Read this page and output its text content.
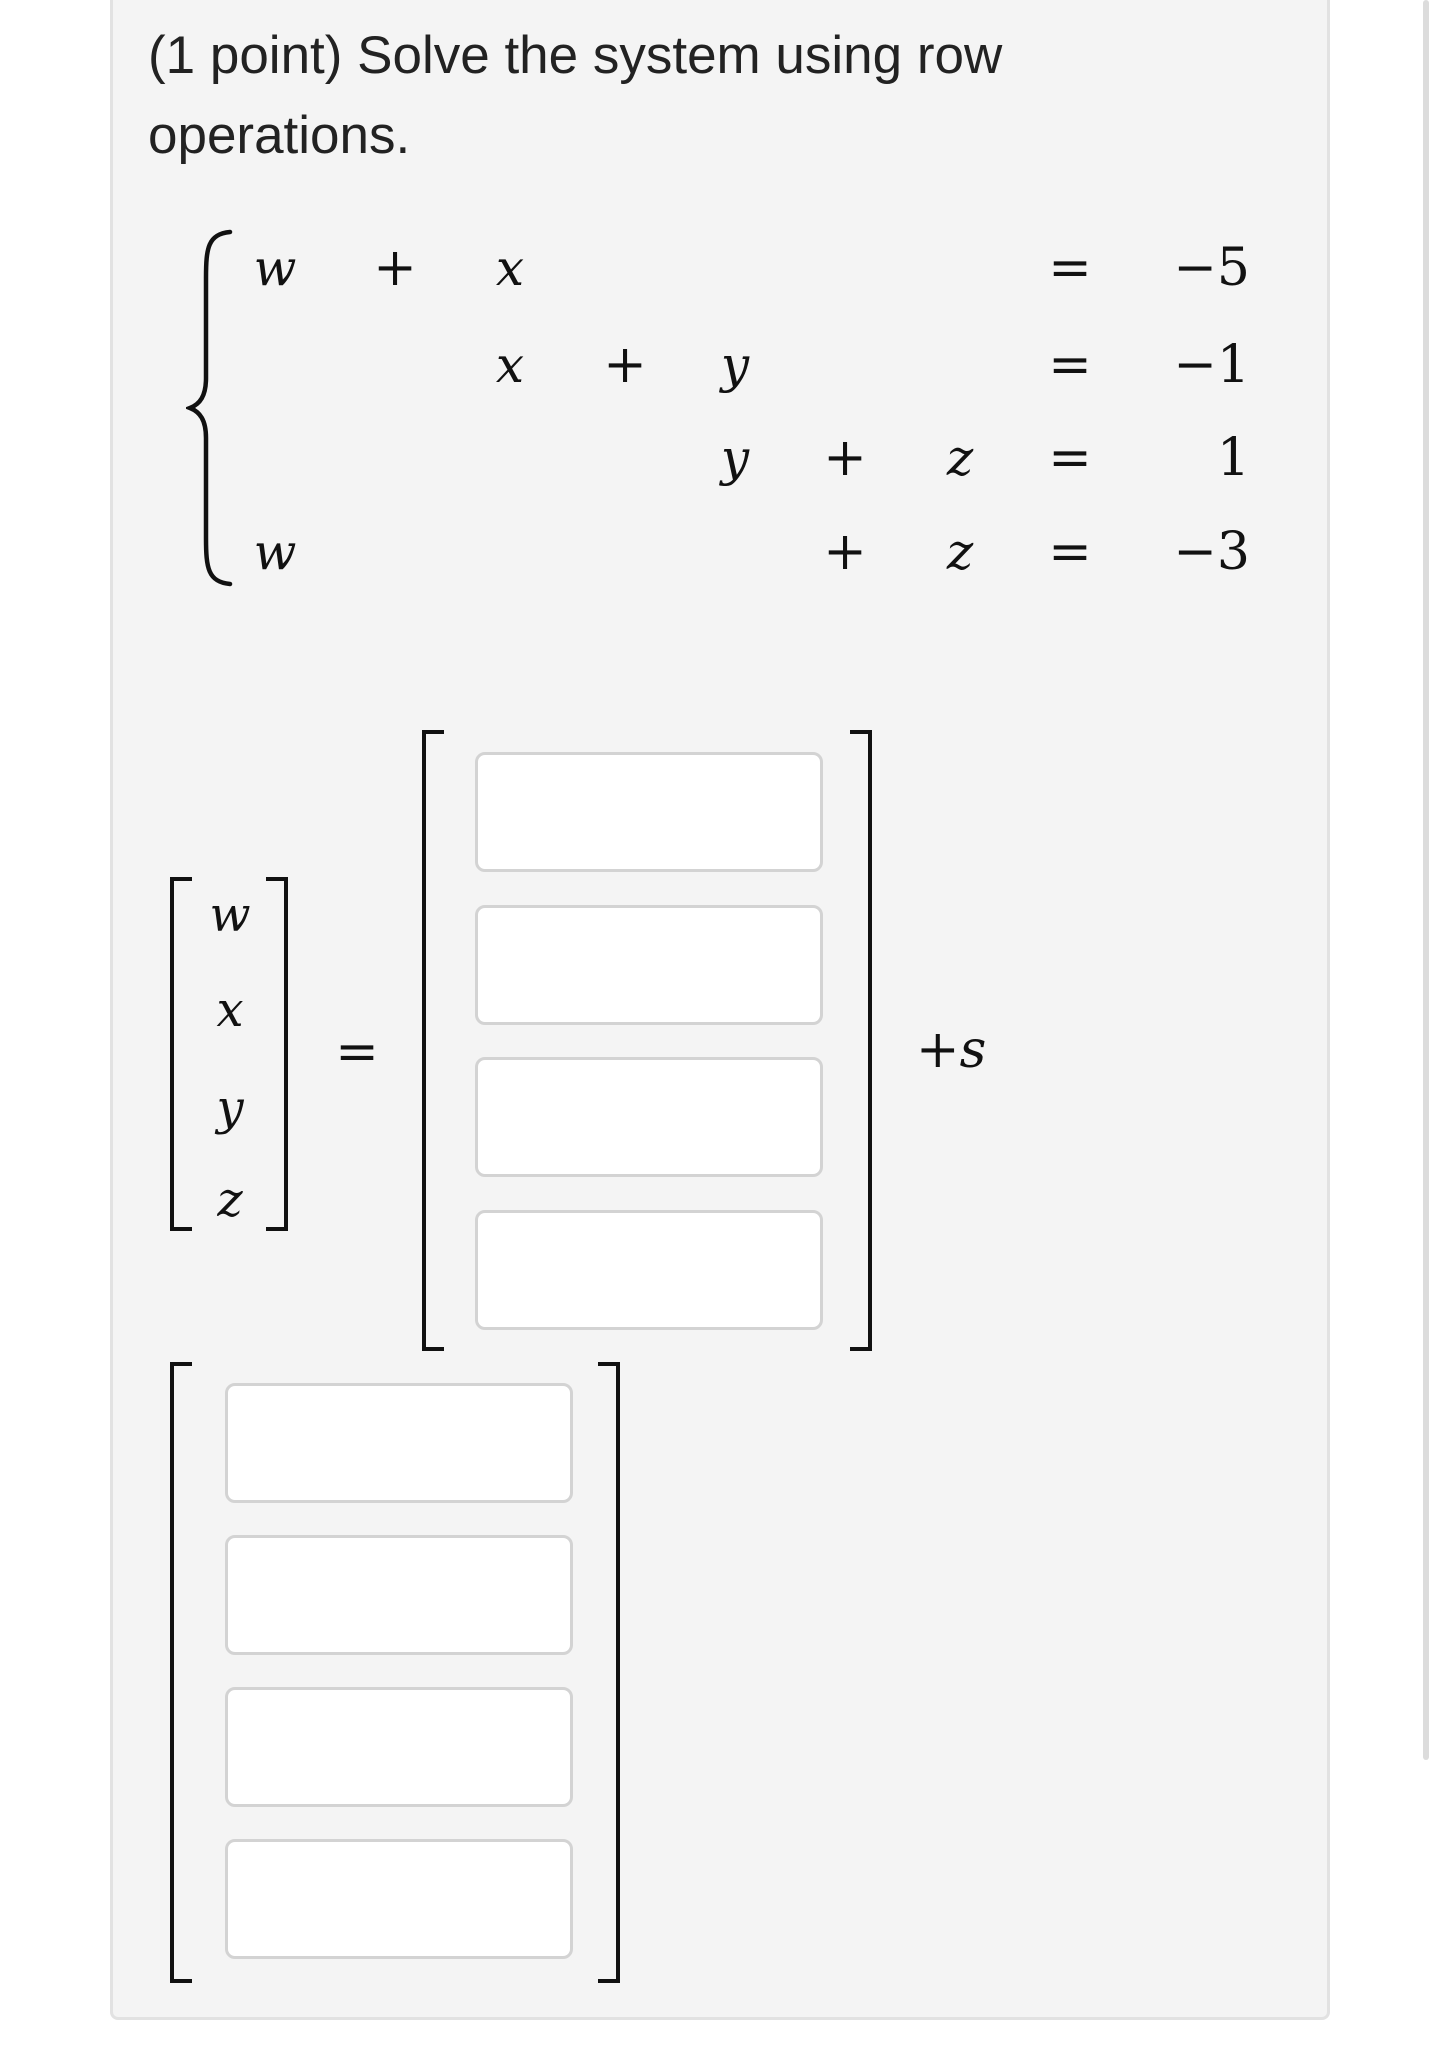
(1 point) Solve the system using row operations.
w +	x	=	−5
x	+	y	=	−1
y	+	z	=	1
w	+	z	=	−3
w
x
y
z
=	+s
